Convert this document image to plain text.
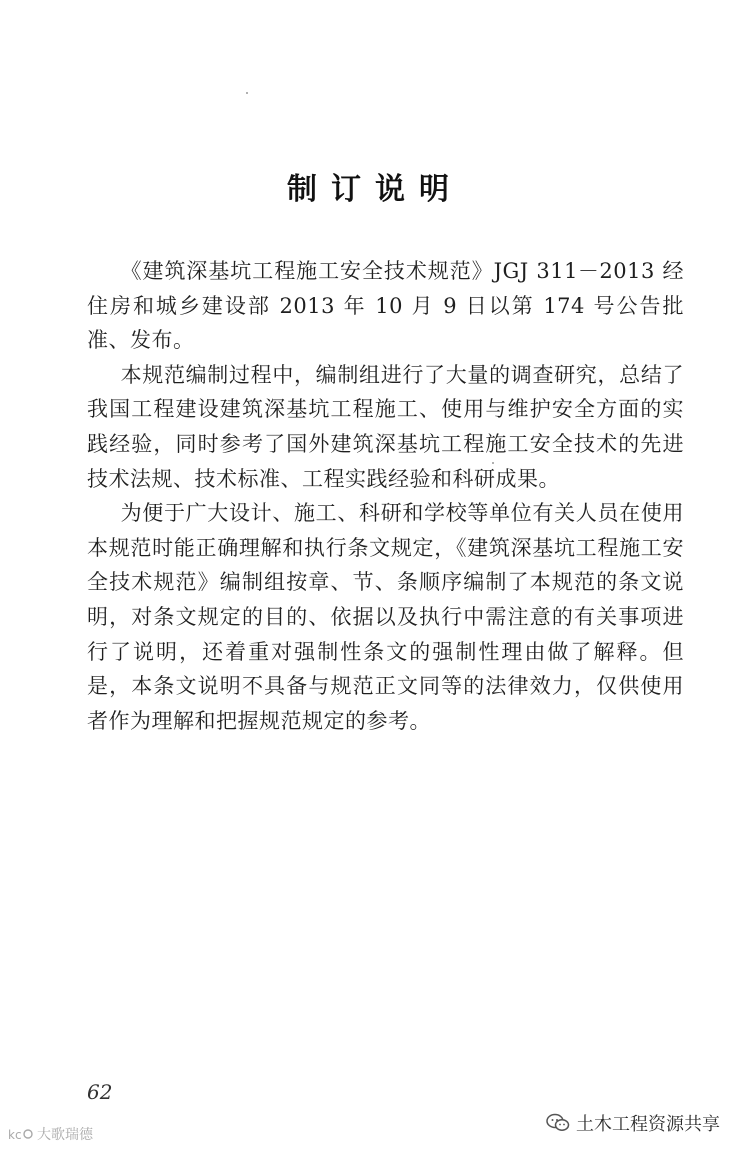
制订说明

《建筑深基坑工程施工安全技术规范》JGJ 311－2013 经住房和城乡建设部 2013 年 10 月 9 日以第 174 号公告批准、发布。

本规范编制过程中，编制组进行了大量的调查研究，总结了我国工程建设建筑深基坑工程施工、使用与维护安全方面的实践经验，同时参考了国外建筑深基坑工程施工安全技术的先进技术法规、技术标准、工程实践经验和科研成果。

为便于广大设计、施工、科研和学校等单位有关人员在使用本规范时能正确理解和执行条文规定，《建筑深基坑工程施工安全技术规范》编制组按章、节、条顺序编制了本规范的条文说明，对条文规定的目的、依据以及执行中需注意的有关事项进行了说明，还着重对强制性条文的强制性理由做了解释。但是，本条文说明不具备与规范正文同等的法律效力，仅供使用者作为理解和把握规范规定的参考。

62
kc 大歌瑞德	土木工程资源共享
